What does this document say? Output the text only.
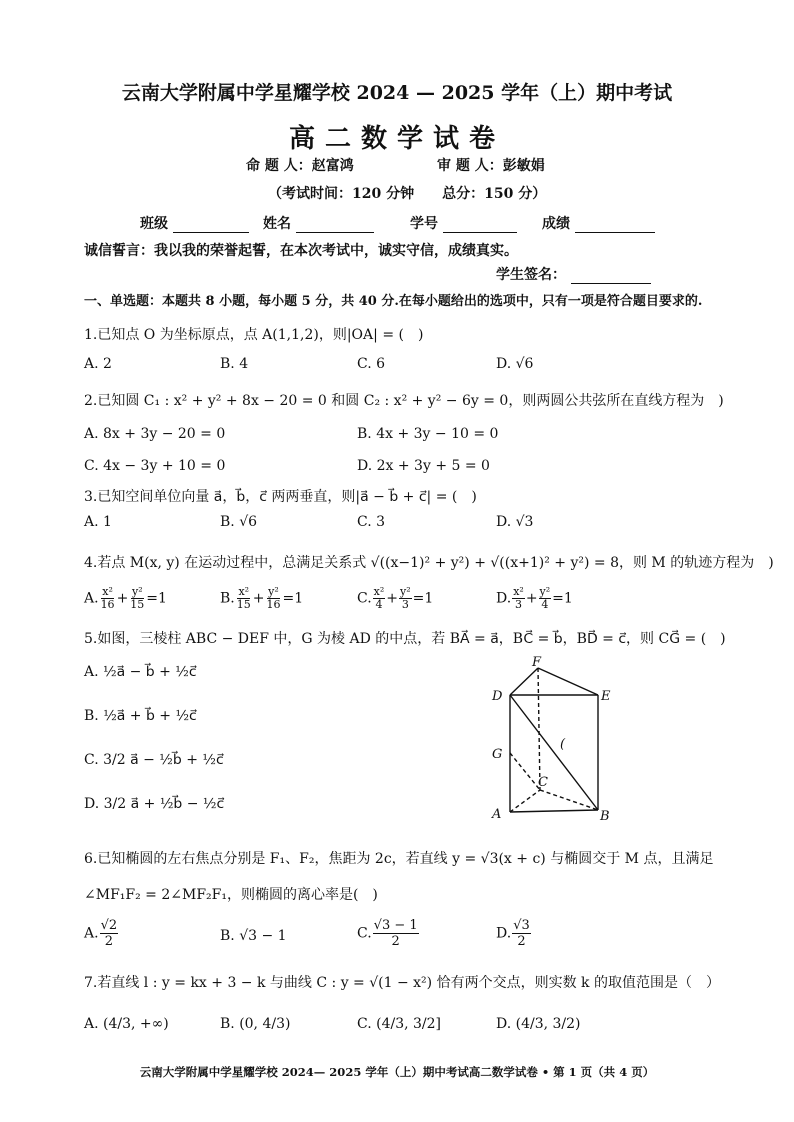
云南大学附属中学星耀学校 2024 — 2025 学年（上）期中考试
高二数学试卷
命 题 人：赵富鸿	审 题 人：彭敏娟
（考试时间：120 分钟　　总分：150 分）
班级	姓名	学号	成绩
诚信誓言：我以我的荣誉起誓，在本次考试中，诚实守信，成绩真实。
学生签名：
一、单选题：本题共 8 小题，每小题 5 分，共 40 分.在每小题给出的选项中，只有一项是符合题目要求的.
1.已知点 O 为坐标原点，点 A(1,1,2)，则|OA| = (　)
A. 2	B. 4	C. 6	D. √6
2.已知圆 C₁ : x² + y² + 8x − 20 = 0 和圆 C₂ : x² + y² − 6y = 0，则两圆公共弦所在直线方程为　)
A. 8x + 3y − 20 = 0	B. 4x + 3y − 10 = 0
C. 4x − 3y + 10 = 0	D. 2x + 3y + 5 = 0
3.已知空间单位向量 a⃗，b⃗，c⃗ 两两垂直，则|a⃗ − b⃗ + c⃗| = (　)
A. 1	B. √6	C. 3	D. √3
4.若点 M(x, y) 在运动过程中，总满足关系式 √((x−1)² + y²) + √((x+1)² + y²) = 8，则 M 的轨迹方程为　)
A. $\frac{\text{x²}}{16} + \frac{\text{y²}}{15} =1$	B. $\frac{\text{x²}}{15} + \frac{\text{y²}}{16} =1$	C. $\frac{\text{x²}}{4} + \frac{\text{y²}}{3} =1$	D. $\frac{\text{x²}}{3} + \frac{\text{y²}}{4} =1$
5.如图，三棱柱 ABC − DEF 中，G 为棱 AD 的中点，若 BA⃗ = a⃗，BC⃗ = b⃗，BD⃗ = c⃗，则 CG⃗ = (　)
A. ½a⃗ − b⃗ + ½c⃗
B. ½a⃗ + b⃗ + ½c⃗
C. 3/2 a⃗ − ½b⃗ + ½c⃗
D. 3/2 a⃗ + ½b⃗ − ½c⃗
F
D	E
G
C
A	B
(
6.已知椭圆的左右焦点分别是 F₁、F₂，焦距为 2c，若直线 y = √3(x + c) 与椭圆交于 M 点，且满足
∠MF₁F₂ = 2∠MF₂F₁，则椭圆的离心率是(　)
A. $\frac{√2}{2}$	B. √3 − 1	C. $\frac{√3 - 1}{2}$	D. $\frac{√3}{2}$
7.若直线 l : y = kx + 3 − k 与曲线 C : y = √(1 − x²) 恰有两个交点，则实数 k 的取值范围是（　）
A. (4/3, +∞)	B. (0, 4/3)	C. (4/3, 3/2]	D. (4/3, 3/2)
云南大学附属中学星耀学校 2024— 2025 学年（上）期中考试高二数学试卷 • 第 1 页（共 4 页）
